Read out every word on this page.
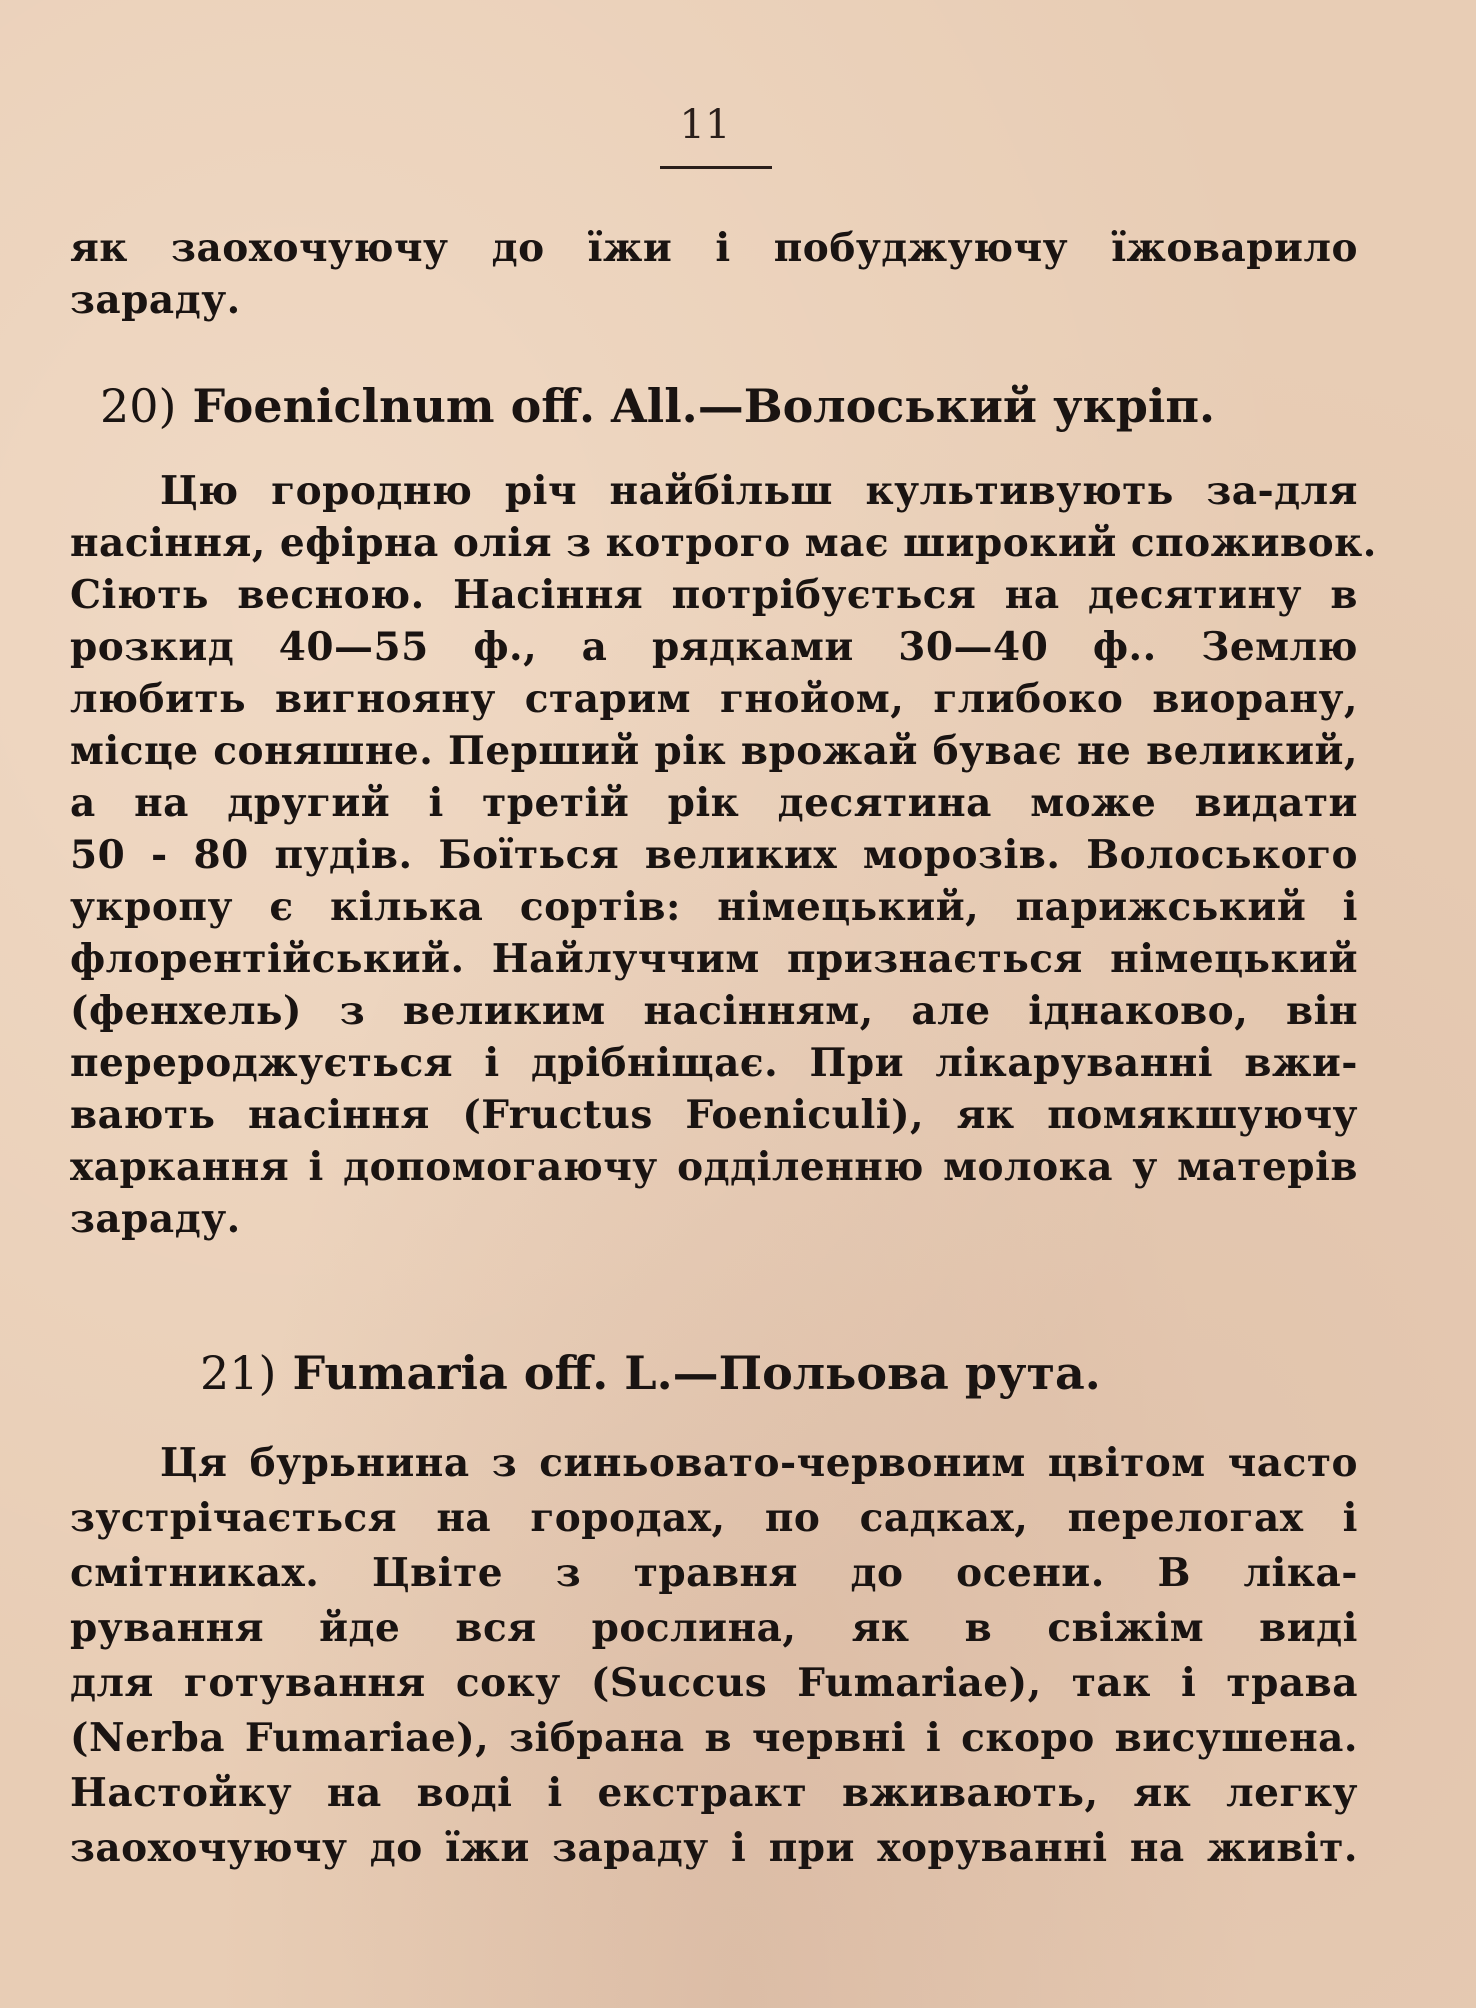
11
як заохочуючу до їжи і побуджуючу їжоварило
зараду.
20) Foeniclnum off. All.—Волоський укріп.
Цю городню річ найбільш культивують за-для
насіння, ефірна олія з котрого має широкий споживок.
Сіють весною. Насіння потрібується на десятину в
розкид 40—55 ф., а рядками 30—40 ф.. Землю
любить вигнояну старим гнойом, глибоко виорану,
місце соняшне. Перший рік врожай буває не великий,
а на другий і третій рік десятина може видати
50 - 80 пудів. Боїться великих морозів. Волоського
укропу є кілька сортів: німецький, парижський і
флорентійський. Найлуччим признається німецький
(фенхель) з великим насінням, але іднаково, він
перероджується і дрібніщає. При лікаруванні вжи-
вають насіння (Fructus Foeniculi), як помякшуючу
харкання і допомогаючу одділенню молока у матерів
зараду.
21) Fumaria off. L.—Польова рута.
Ця бурьнина з синьовато-червоним цвітом часто
зустрічається на городах, по садках, перелогах і
смітниках. Цвіте з травня до осени. В ліка-
рування йде вся рослина, як в свіжім виді
для готування соку (Succus Fumariae), так і трава
(Nerba Fumariae), зібрана в червні і скоро висушена.
Настойку на воді і екстракт вживають, як легку
заохочуючу до їжи зараду і при хоруванні на живіт.
